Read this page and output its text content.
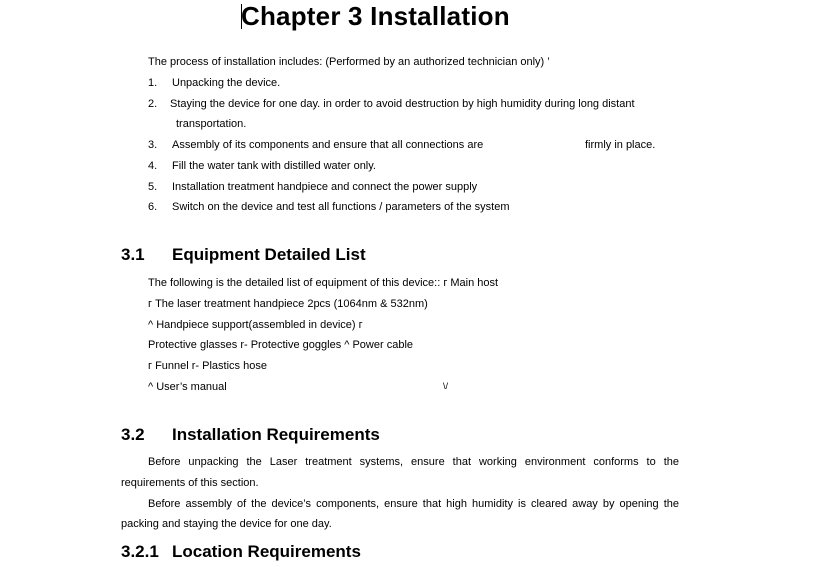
Chapter 3 Installation
The process of installation includes: (Performed by an authorized technician only) ’
1. Unpacking the device.
2. Staying the device for one day. in order to avoid destruction by high humidity during long distant
transportation.
3. Assembly of its components and ensure that all connections are	firmly in place.
4. Fill the water tank with distilled water only.
5. Installation treatment handpiece and connect the power supply
6. Switch on the device and test all functions / parameters of the system
3.1 Equipment Detailed List
The following is the detailed list of equipment of this device:: г Main host
г The laser treatment handpiece 2pcs (1064nm & 532nm)
^ Handpiece support(assembled in device) г
Protective glasses r- Protective goggles ^ Power cable
г Funnel r- Plastics hose
^ User’s manual	\/
3.2 Installation Requirements
Before unpacking the Laser treatment systems, ensure that working environment conforms to the
requirements of this section.
Before assembly of the device’s components, ensure that high humidity is cleared away by opening the
packing and staying the device for one day.
3.2.1 Location Requirements
